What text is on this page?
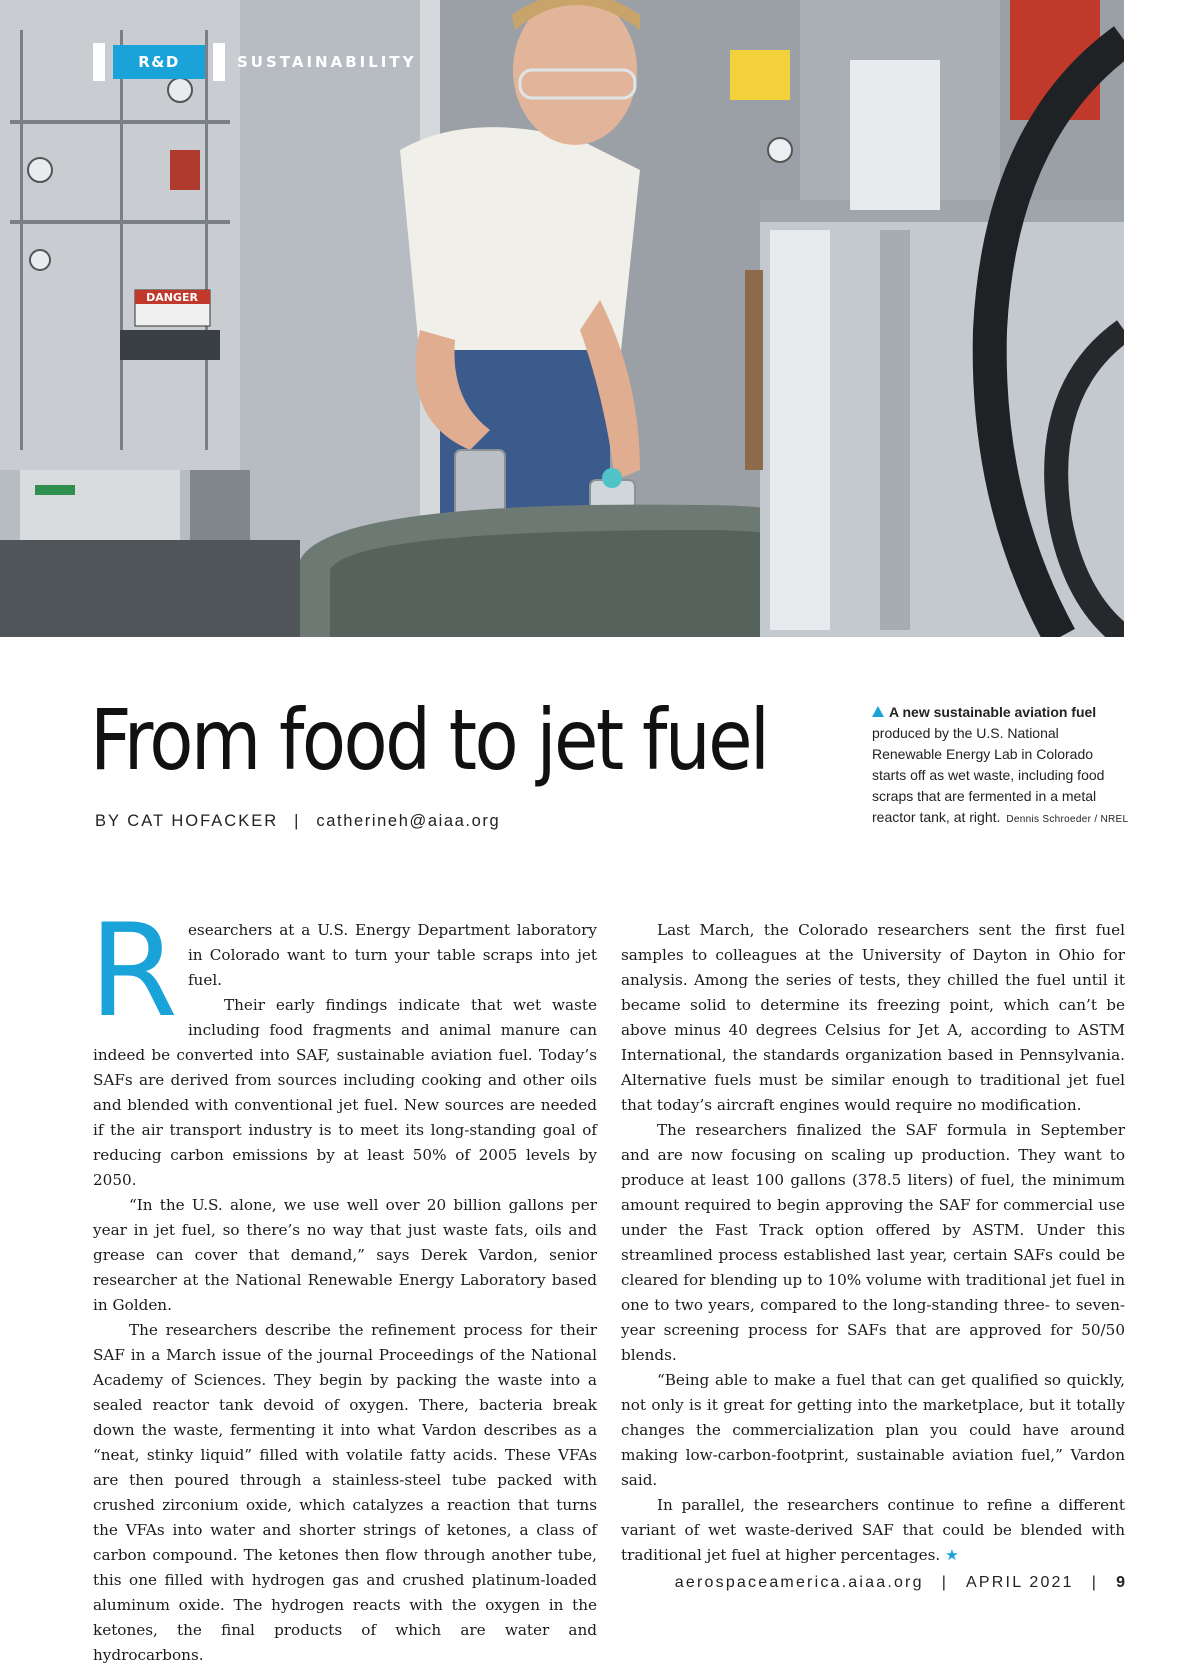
DANGER
R&D	SUSTAINABILITY
From food to jet fuel
BY CAT HOFACKER | catherineh@aiaa.org
A new sustainable aviation fuel produced by the U.S. National Renewable Energy Lab in Colorado starts off as wet waste, including food scraps that are fermented in a metal reactor tank, at right. Dennis Schroeder / NREL

Researchers at a U.S. Energy Department laboratory in Colorado want to turn your table scraps into jet fuel.

Their early findings indicate that wet waste including food fragments and animal manure can indeed be converted into SAF, sustainable aviation fuel. Today’s SAFs are derived from sources including cooking and other oils and blended with conventional jet fuel. New sources are needed if the air transport industry is to meet its long-standing goal of reducing carbon emissions by at least 50% of 2005 levels by 2050.

“In the U.S. alone, we use well over 20 billion gallons per year in jet fuel, so there’s no way that just waste fats, oils and grease can cover that demand,” says Derek Vardon, senior researcher at the National Renewable Energy Laboratory based in Golden.

The researchers describe the refinement process for their SAF in a March issue of the journal Proceedings of the National Academy of Sciences. They begin by packing the waste into a sealed reactor tank devoid of oxygen. There, bacteria break down the waste, fermenting it into what Vardon describes as a “neat, stinky liquid” filled with volatile fatty acids. These VFAs are then poured through a stainless-steel tube packed with crushed zirconium oxide, which catalyzes a reaction that turns the VFAs into water and shorter strings of ketones, a class of carbon compound. The ketones then flow through another tube, this one filled with hydrogen gas and crushed platinum-loaded aluminum oxide. The hydrogen reacts with the oxygen in the ketones, the final products of which are water and hydrocarbons.

Last March, the Colorado researchers sent the first fuel samples to colleagues at the University of Dayton in Ohio for analysis. Among the series of tests, they chilled the fuel until it became solid to determine its freezing point, which can’t be above minus 40 degrees Celsius for Jet A, according to ASTM International, the standards organization based in Pennsylvania. Alternative fuels must be similar enough to traditional jet fuel that today’s aircraft engines would require no modification.

The researchers finalized the SAF formula in September and are now focusing on scaling up production. They want to produce at least 100 gallons (378.5 liters) of fuel, the minimum amount required to begin approving the SAF for commercial use under the Fast Track option offered by ASTM. Under this streamlined process established last year, certain SAFs could be cleared for blending up to 10% volume with traditional jet fuel in one to two years, compared to the long-standing three- to seven-year screening process for SAFs that are approved for 50/50 blends.

“Being able to make a fuel that can get qualified so quickly, not only is it great for getting into the marketplace, but it totally changes the commercialization plan you could have around making low-carbon-footprint, sustainable aviation fuel,” Vardon said.

In parallel, the researchers continue to refine a different variant of wet waste-derived SAF that could be blended with traditional jet fuel at higher percentages. ★

aerospaceamerica.aiaa.org | APRIL 2021 | 9
